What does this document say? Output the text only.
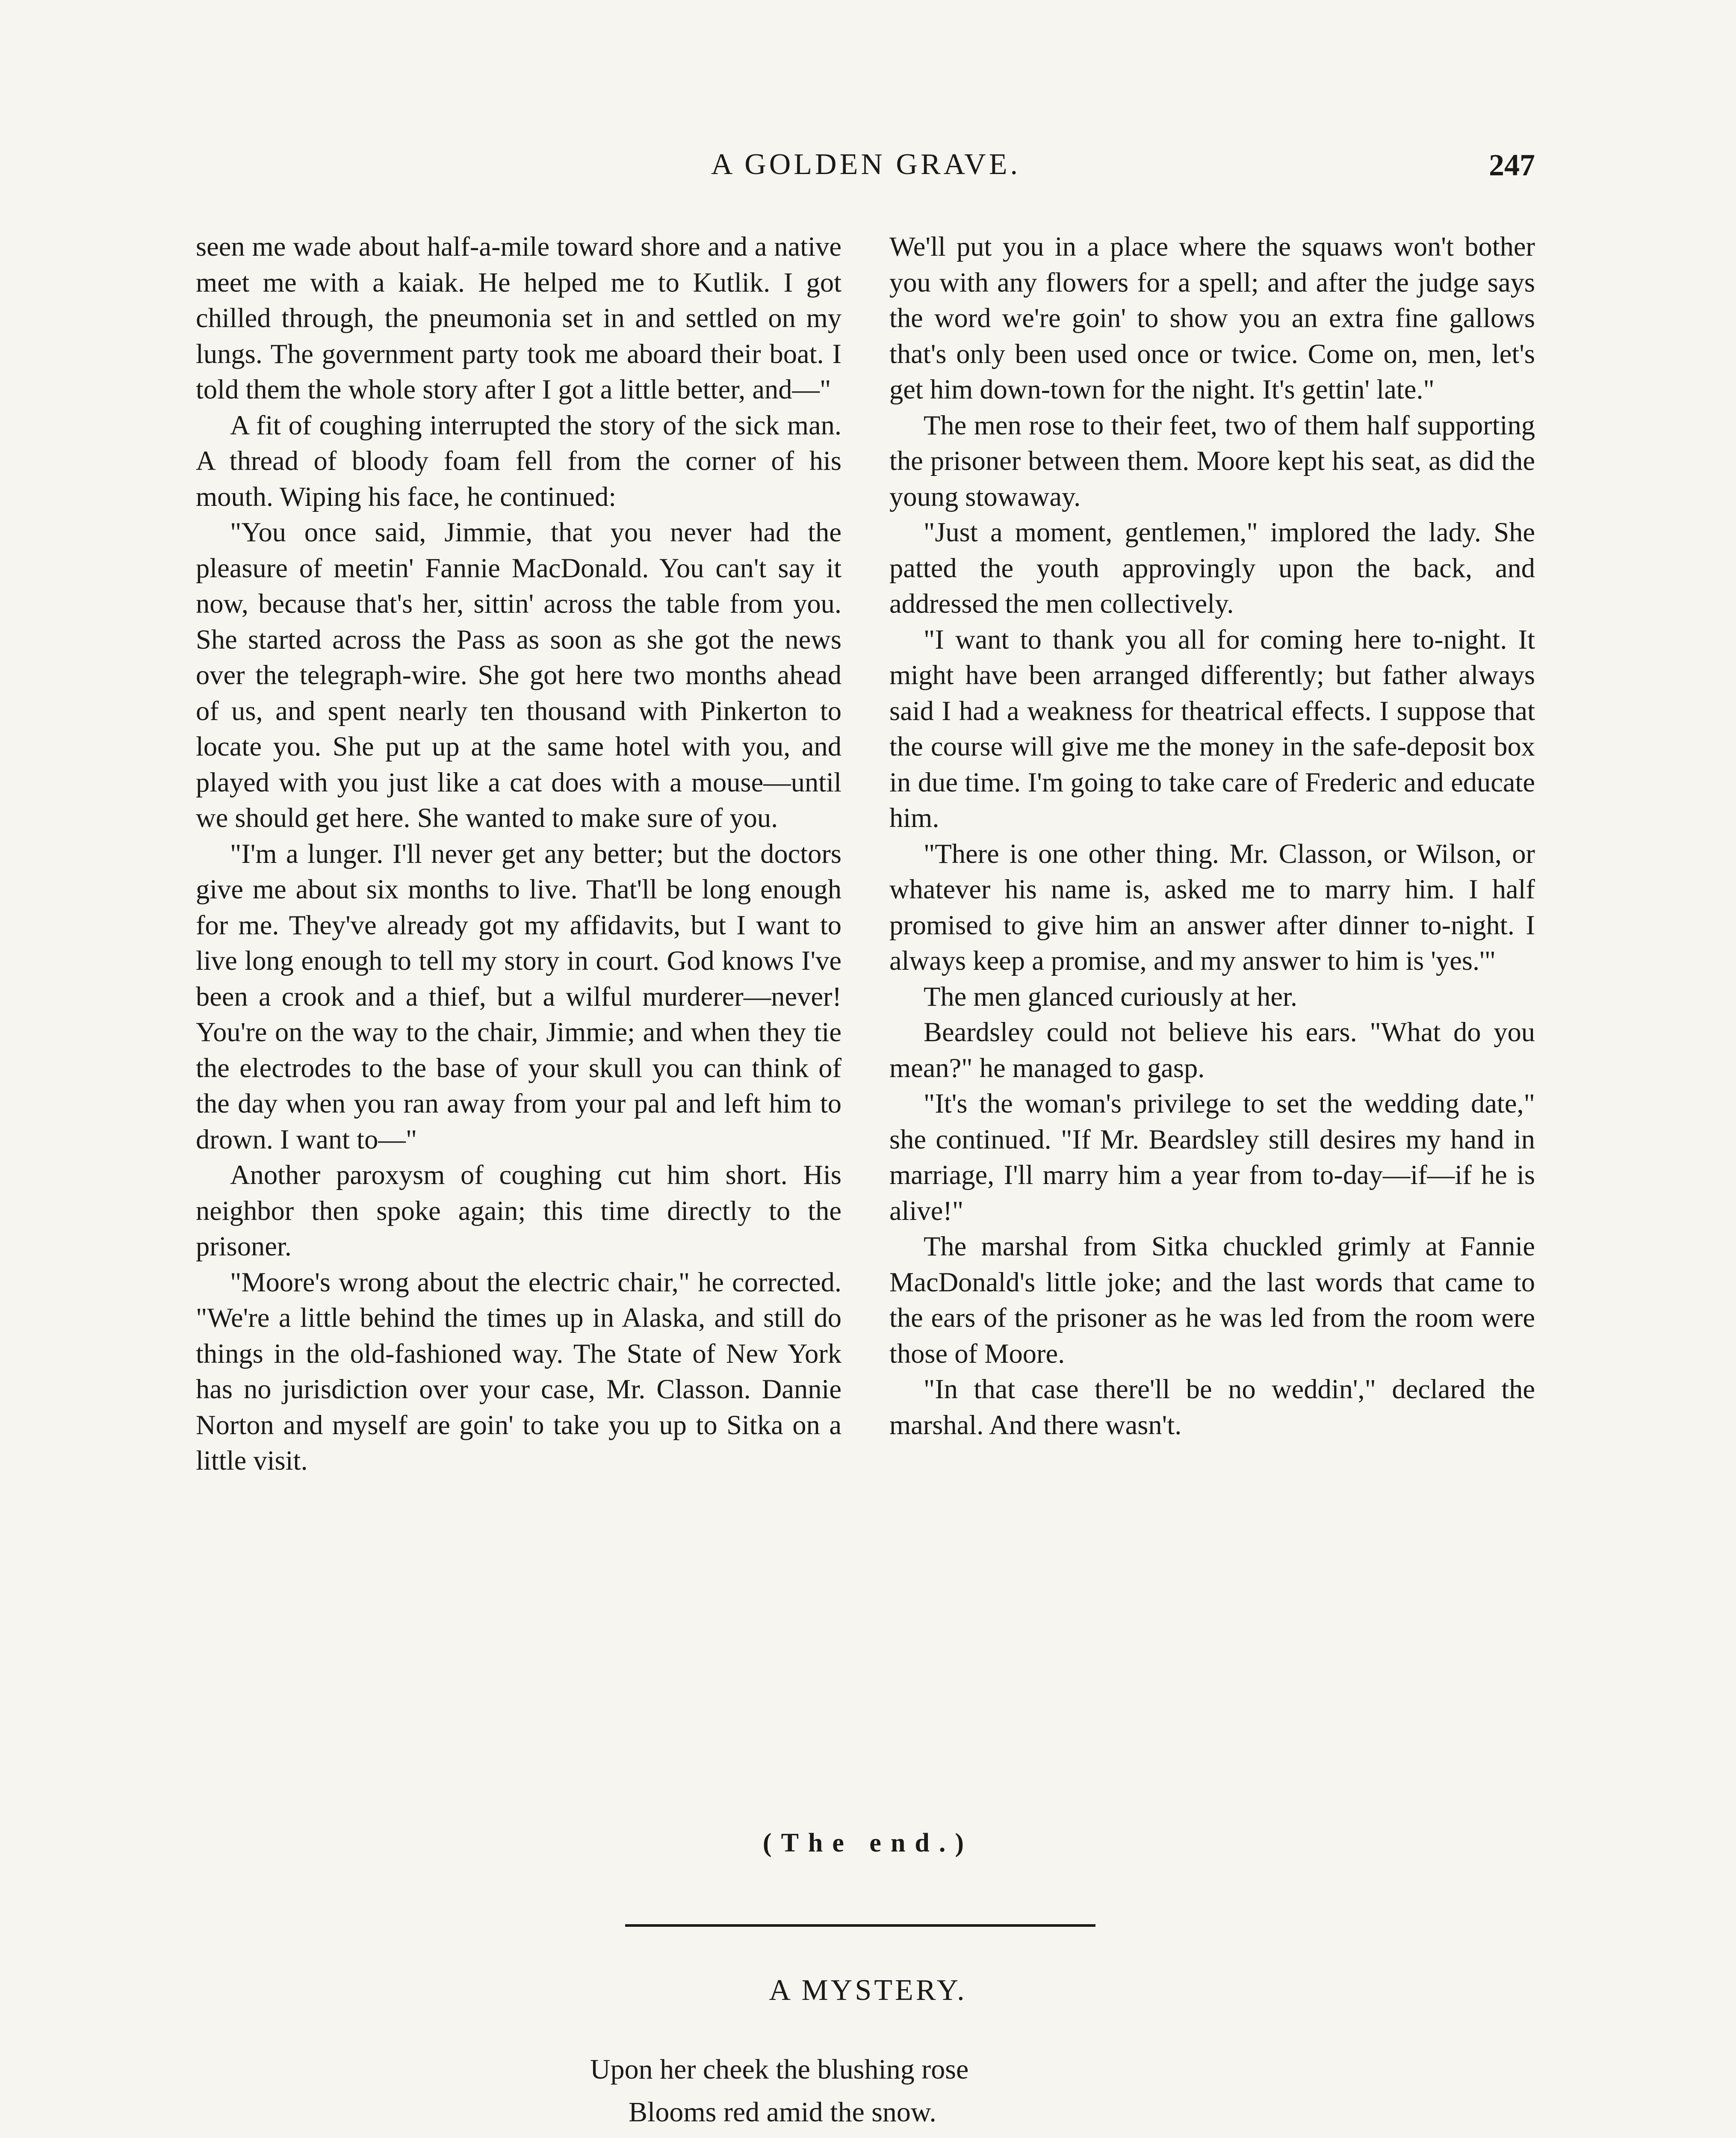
A GOLDEN GRAVE.	247

seen me wade about half-a-mile toward shore and a native meet me with a kaiak. He helped me to Kutlik. I got chilled through, the pneumonia set in and settled on my lungs. The government party took me aboard their boat. I told them the whole story after I got a little better, and—"

A fit of coughing interrupted the story of the sick man. A thread of bloody foam fell from the corner of his mouth. Wiping his face, he continued:

"You once said, Jimmie, that you never had the pleasure of meetin' Fannie MacDonald. You can't say it now, because that's her, sittin' across the table from you. She started across the Pass as soon as she got the news over the telegraph-wire. She got here two months ahead of us, and spent nearly ten thousand with Pinkerton to locate you. She put up at the same hotel with you, and played with you just like a cat does with a mouse—until we should get here. She wanted to make sure of you.

"I'm a lunger. I'll never get any better; but the doctors give me about six months to live. That'll be long enough for me. They've already got my affidavits, but I want to live long enough to tell my story in court. God knows I've been a crook and a thief, but a wilful murderer—never! You're on the way to the chair, Jimmie; and when they tie the electrodes to the base of your skull you can think of the day when you ran away from your pal and left him to drown. I want to—"

Another paroxysm of coughing cut him short. His neighbor then spoke again; this time directly to the prisoner.

"Moore's wrong about the electric chair," he corrected. "We're a little behind the times up in Alaska, and still do things in the old-fashioned way. The State of New York has no jurisdiction over your case, Mr. Classon. Dannie Norton and myself are goin' to take you up to Sitka on a little visit.

We'll put you in a place where the squaws won't bother you with any flowers for a spell; and after the judge says the word we're goin' to show you an extra fine gallows that's only been used once or twice. Come on, men, let's get him down-town for the night. It's gettin' late."

The men rose to their feet, two of them half supporting the prisoner between them. Moore kept his seat, as did the young stowaway.

"Just a moment, gentlemen," implored the lady. She patted the youth approvingly upon the back, and addressed the men collectively.

"I want to thank you all for coming here to-night. It might have been arranged differently; but father always said I had a weakness for theatrical effects. I suppose that the course will give me the money in the safe-deposit box in due time. I'm going to take care of Frederic and educate him.

"There is one other thing. Mr. Classon, or Wilson, or whatever his name is, asked me to marry him. I half promised to give him an answer after dinner to-night. I always keep a promise, and my answer to him is 'yes.'"

The men glanced curiously at her.

Beardsley could not believe his ears. "What do you mean?" he managed to gasp.

"It's the woman's privilege to set the wedding date," she continued. "If Mr. Beardsley still desires my hand in marriage, I'll marry him a year from to-day—if—if he is alive!"

The marshal from Sitka chuckled grimly at Fannie MacDonald's little joke; and the last words that came to the ears of the prisoner as he was led from the room were those of Moore.

"In that case there'll be no weddin'," declared the marshal. And there wasn't.

(The end.)
A MYSTERY.
Upon her cheek the blushing rose
Blooms red amid the snow.
